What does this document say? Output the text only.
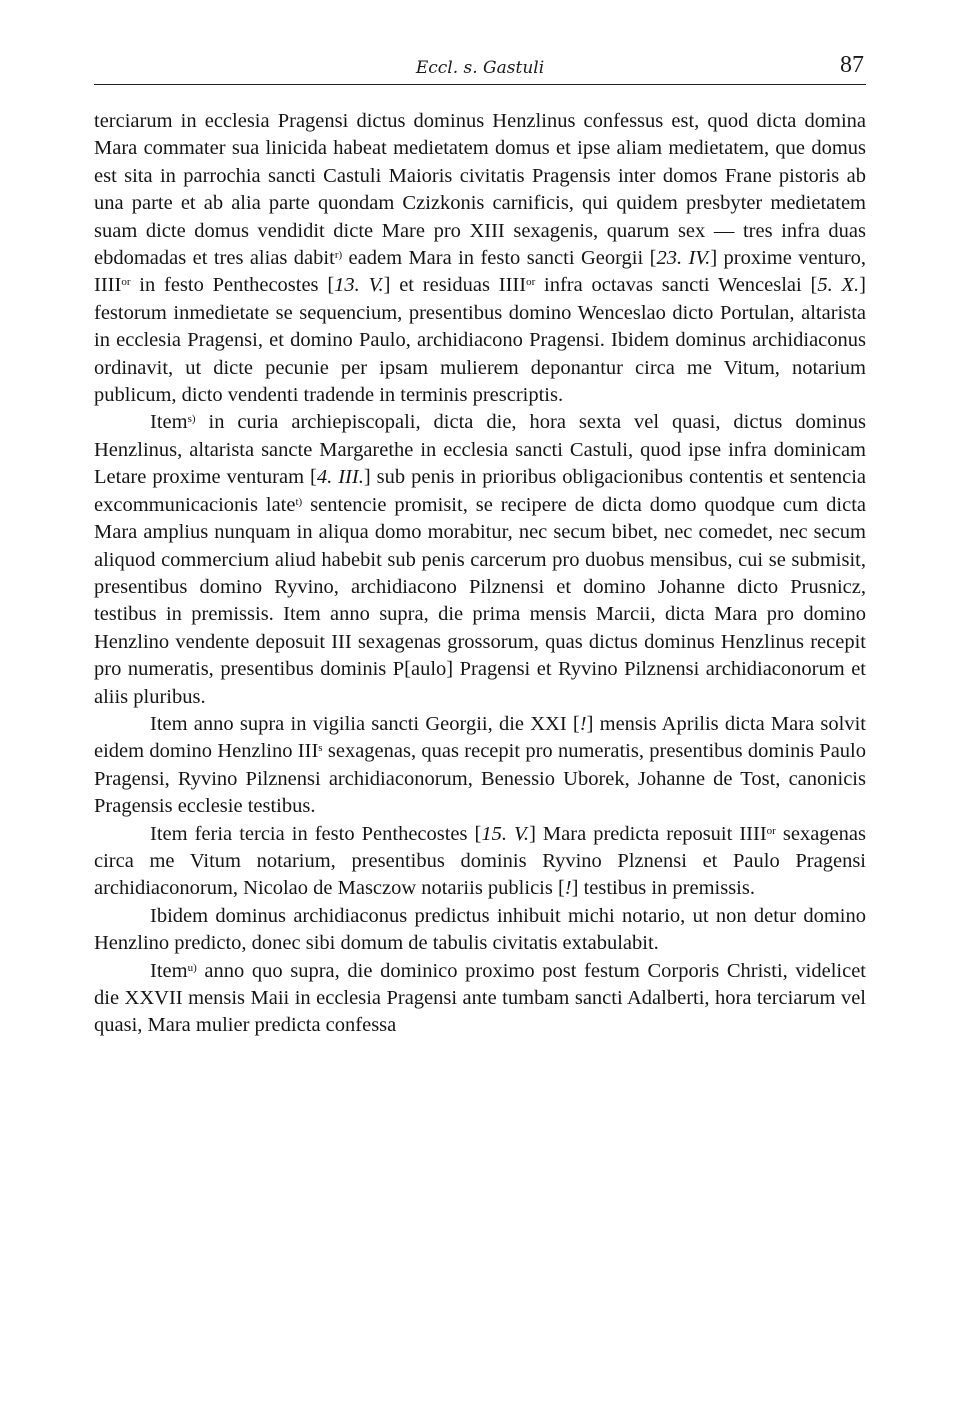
Eccl. s. Gastuli	87

terciarum in ecclesia Pragensi dictus dominus Henzlinus confessus est, quod dicta domina Mara commater sua linicida habeat medietatem domus et ipse aliam medietatem, que domus est sita in parrochia sancti Castuli Maioris civitatis Pragensis inter domos Frane pistoris ab una parte et ab alia parte quondam Czizkonis carnificis, qui quidem presbyter medietatem suam dicte domus vendidit dicte Mare pro XIII sexagenis, quarum sex — tres infra duas ebdomadas et tres alias dabit$^{r)}$ eadem Mara in festo sancti Georgii [23. IV.] proxime venturo, $IIII^{or}$ in festo Penthecostes [13. V.] et residuas $IIII^{or}$ infra octavas sancti Wenceslai [5. X.] festorum inmedietate se sequencium, presentibus domino Wenceslao dicto Portulan, altarista in ecclesia Pragensi, et domino Paulo, archidiacono Pragensi. Ibidem dominus archidiaconus ordinavit, ut dicte pecunie per ipsam mulierem deponantur circa me Vitum, notarium publicum, dicto vendenti tradende in terminis prescriptis.

Item$^{s)}$ in curia archiepiscopali, dicta die, hora sexta vel quasi, dictus dominus Henzlinus, altarista sancte Margarethe in ecclesia sancti Castuli, quod ipse infra dominicam Letare proxime venturam [4. III.] sub penis in prioribus obligacionibus contentis et sentencia excommunicacionis late$^{t)}$ sentencie promisit, se recipere de dicta domo quodque cum dicta Mara amplius nunquam in aliqua domo morabitur, nec secum bibet, nec comedet, nec secum aliquod commercium aliud habebit sub penis carcerum pro duobus mensibus, cui se submisit, presentibus domino Ryvino, archidiacono Pilznensi et domino Johanne dicto Prusnicz, testibus in premissis. Item anno supra, die prima mensis Marcii, dicta Mara pro domino Henzlino vendente deposuit III sexagenas grossorum, quas dictus dominus Henzlinus recepit pro numeratis, presentibus dominis P[aulo] Pragensi et Ryvino Pilznensi archidiaconorum et aliis pluribus.

Item anno supra in vigilia sancti Georgii, die XXI [!] mensis Aprilis dicta Mara solvit eidem domino Henzlino III$^s$ sexagenas, quas recepit pro numeratis, presentibus dominis Paulo Pragensi, Ryvino Pilznensi archidiaconorum, Benessio Uborek, Johanne de Tost, canonicis Pragensis ecclesie testibus.

Item feria tercia in festo Penthecostes [15. V.] Mara predicta reposuit $IIII^{or}$ sexagenas circa me Vitum notarium, presentibus dominis Ryvino Plznensi et Paulo Pragensi archidiaconorum, Nicolao de Masczow notariis publicis [!] testibus in premissis.

Ibidem dominus archidiaconus predictus inhibuit michi notario, ut non detur domino Henzlino predicto, donec sibi domum de tabulis civitatis extabulabit.

Item$^{u)}$ anno quo supra, die dominico proximo post festum Corporis Christi, videlicet die XXVII mensis Maii in ecclesia Pragensi ante tumbam sancti Adalberti, hora terciarum vel quasi, Mara mulier predicta confessa
